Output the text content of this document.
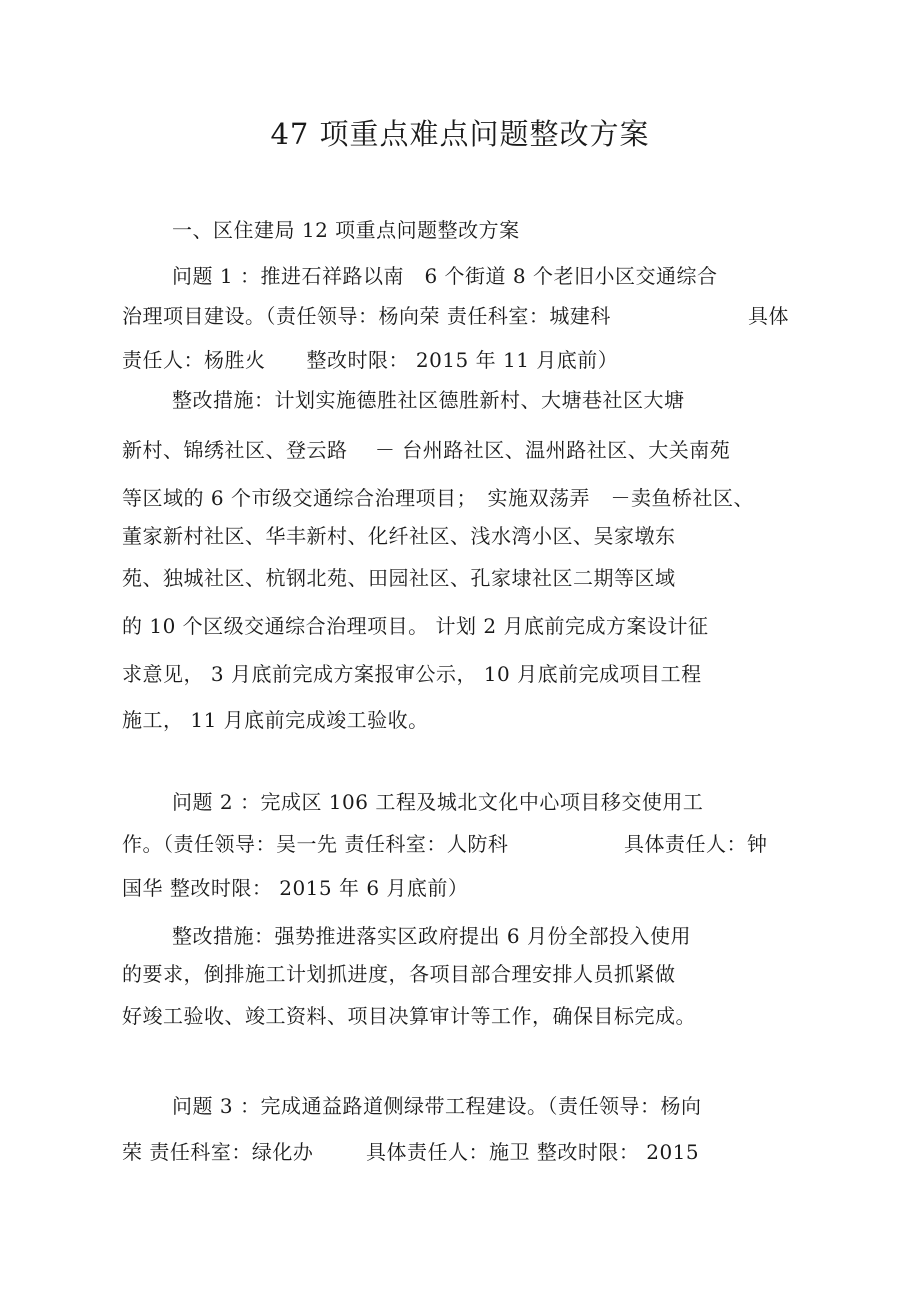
47 项重点难点问题整改方案
一、区住建局 12 项重点问题整改方案
问题 1 ：推进石祥路以南　6 个街道 8 个老旧小区交通综合
治理项目建设。（责任领导：杨向荣 责任科室：城建科	具体
责任人：杨胜火　　整改时限： 2015 年 11 月底前）
整改措施：计划实施德胜社区德胜新村、大塘巷社区大塘
新村、锦绣社区、登云路　 － 台州路社区、温州路社区、大关南苑
等区域的 6 个市级交通综合治理项目；　实施双荡弄　－卖鱼桥社区、
董家新村社区、华丰新村、化纤社区、浅水湾小区、吴家墩东
苑、独城社区、杭钢北苑、田园社区、孔家埭社区二期等区域
的 10 个区级交通综合治理项目。 计划 2 月底前完成方案设计征
求意见， 3 月底前完成方案报审公示， 10 月底前完成项目工程
施工， 11 月底前完成竣工验收。
问题 2 ：完成区 106 工程及城北文化中心项目移交使用工
作。（责任领导：吴一先 责任科室：人防科	具体责任人：钟
国华 整改时限： 2015 年 6 月底前）
整改措施：强势推进落实区政府提出 6 月份全部投入使用
的要求，倒排施工计划抓进度，各项目部合理安排人员抓紧做
好竣工验收、竣工资料、项目决算审计等工作，确保目标完成。
问题 3 ：完成通益路道侧绿带工程建设。（责任领导：杨向
荣 责任科室：绿化办	具体责任人：施卫 整改时限： 2015
